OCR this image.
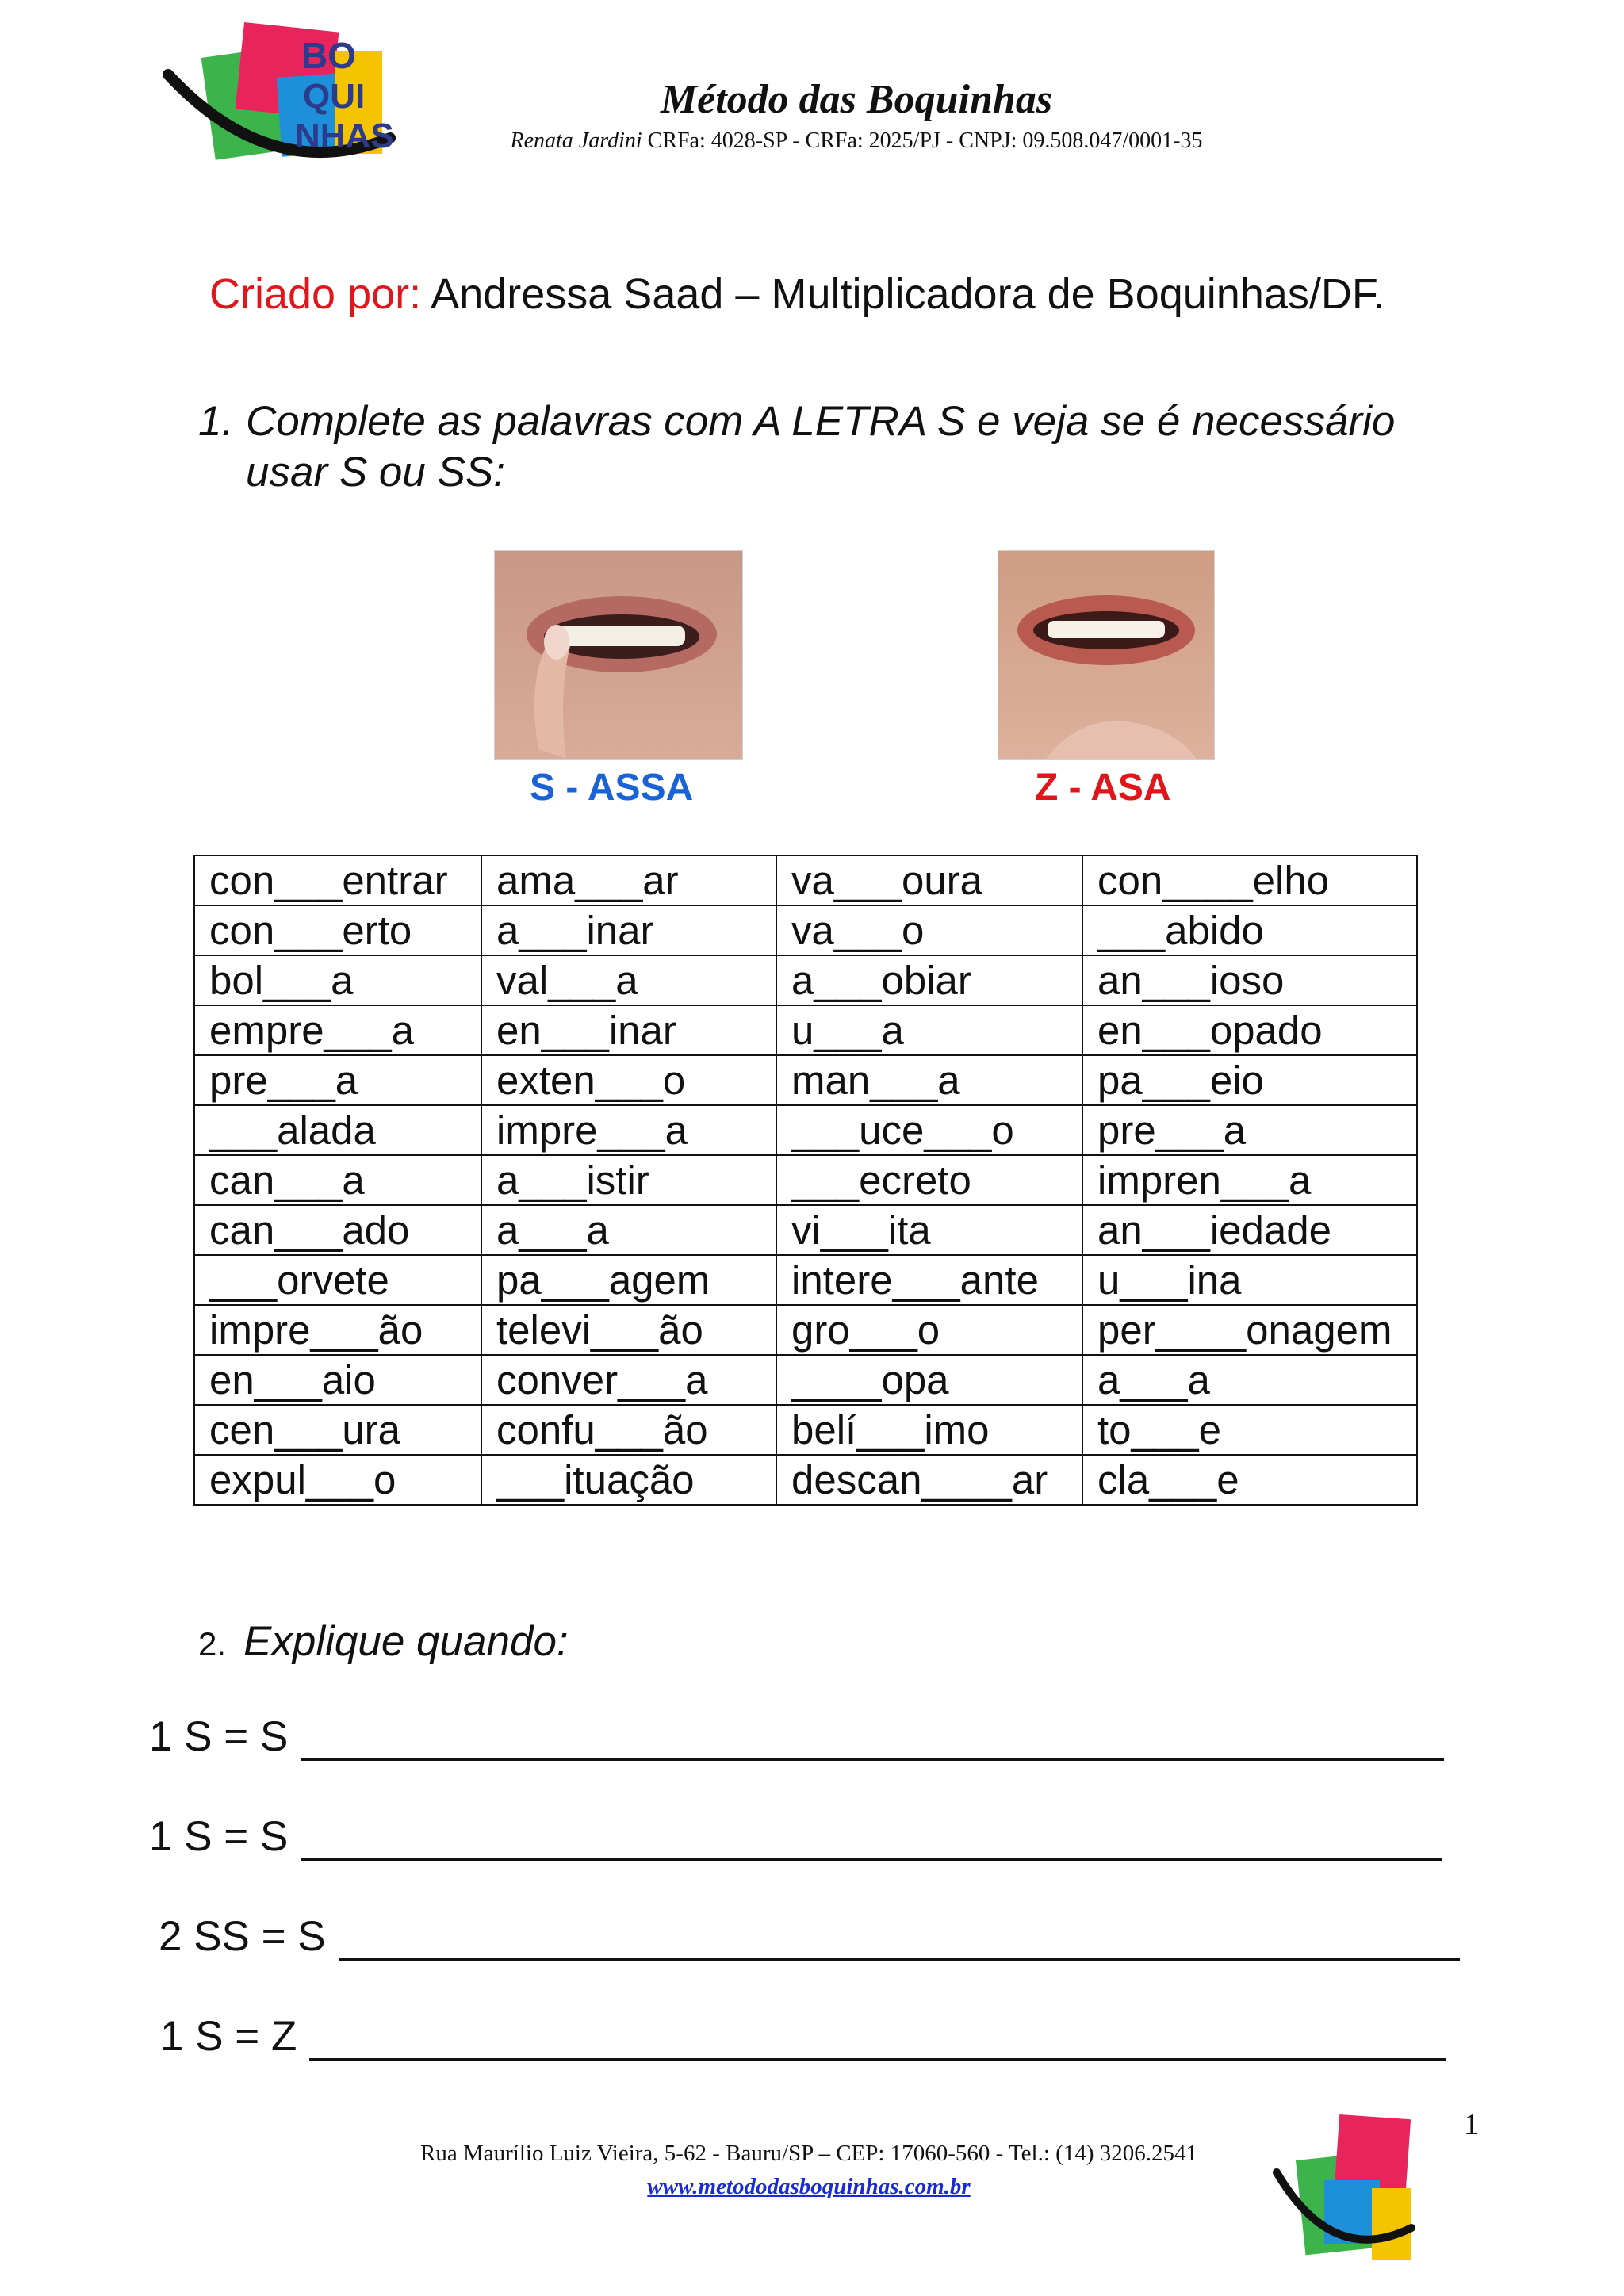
BO
QUI
NHAS
Método das Boquinhas
Renata Jardini CRFa: 4028-SP - CRFa: 2025/PJ - CNPJ: 09.508.047/0001-35
Criado por: Andressa Saad – Multiplicadora de Boquinhas/DF.
1. Complete as palavras com A LETRA S e veja se é necessário
usar S ou SS:
S - ASSA	Z - ASA
con___entrar	ama___ar	va___oura	con____elho
con___erto	a___inar	va___o	___abido
bol___a	val___a	a___obiar	an___ioso
empre___a	en___inar	u___a	en___opado
pre___a	exten___o	man___a	pa___eio
___alada	impre___a	___uce___o	pre___a
can___a	a___istir	___ecreto	impren___a
can___ado	a___a	vi___ita	an___iedade
___orvete	pa___agem	intere___ante	u___ina
impre___ão	televi___ão	gro___o	per____onagem
en___aio	conver___a	____opa	a___a
cen___ura	confu___ão	belí___imo	to___e
expul___o	___ituação	descan____ar	cla___e
2. Explique quando:
1 S = S
1 S = S
2 SS = S
1 S = Z
1
Rua Maurílio Luiz Vieira, 5-62 - Bauru/SP – CEP: 17060-560 - Tel.: (14) 3206.2541
www.metododasboquinhas.com.br
